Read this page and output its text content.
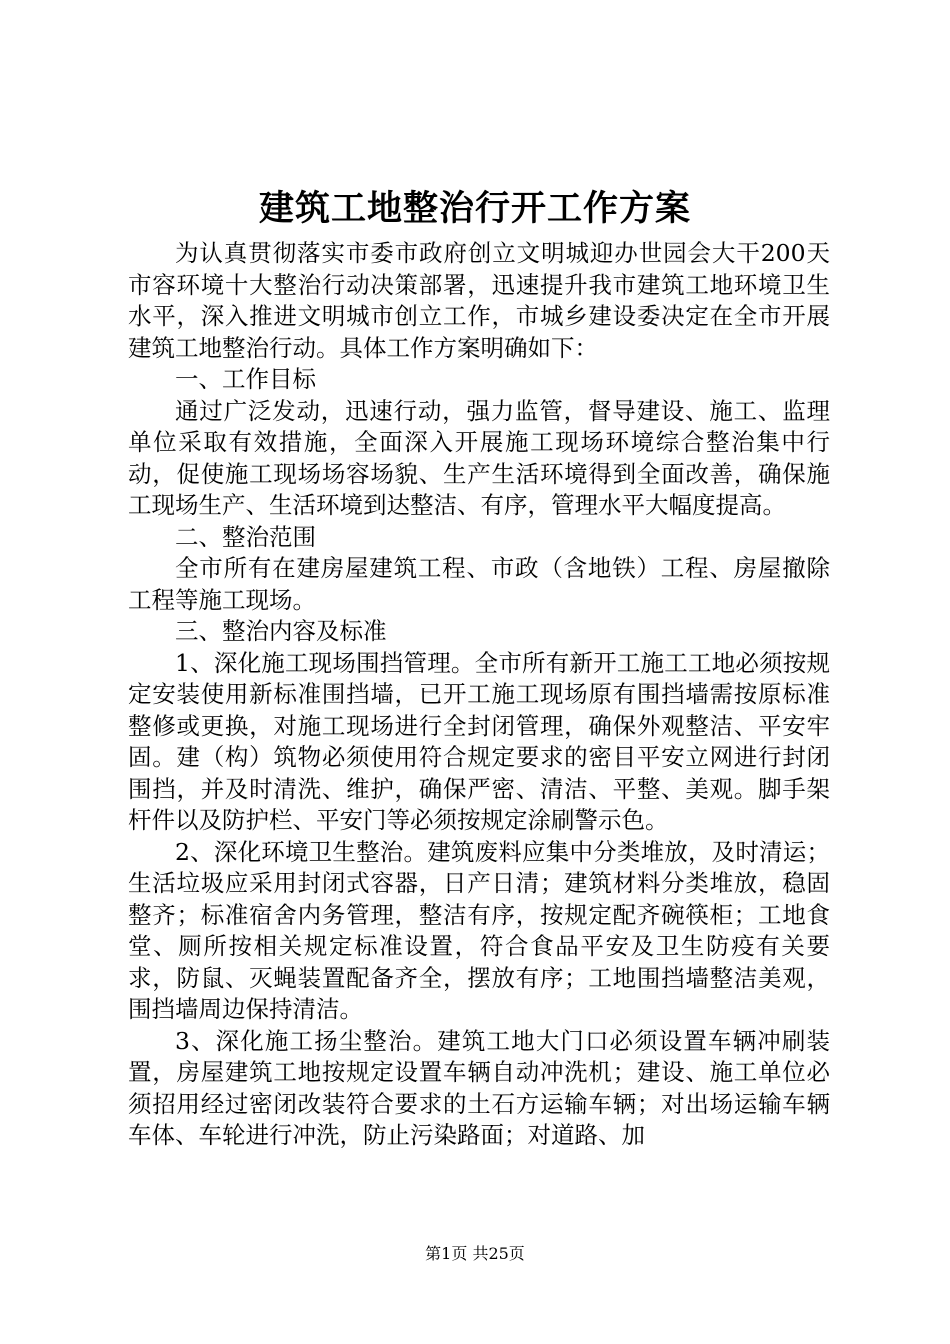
建筑工地整治行开工作方案

为认真贯彻落实市委市政府创立文明城迎办世园会大干200天市容环境十大整治行动决策部署，迅速提升我市建筑工地环境卫生水平，深入推进文明城市创立工作，市城乡建设委决定在全市开展建筑工地整治行动。具体工作方案明确如下：

一、工作目标

通过广泛发动，迅速行动，强力监管，督导建设、施工、监理单位采取有效措施，全面深入开展施工现场环境综合整治集中行动，促使施工现场场容场貌、生产生活环境得到全面改善，确保施工现场生产、生活环境到达整洁、有序，管理水平大幅度提高。

二、整治范围

全市所有在建房屋建筑工程、市政（含地铁）工程、房屋撤除工程等施工现场。

三、整治内容及标准

1、深化施工现场围挡管理。全市所有新开工施工工地必须按规定安装使用新标准围挡墙，已开工施工现场原有围挡墙需按原标准整修或更换，对施工现场进行全封闭管理，确保外观整洁、平安牢固。建（构）筑物必须使用符合规定要求的密目平安立网进行封闭围挡，并及时清洗、维护，确保严密、清洁、平整、美观。脚手架杆件以及防护栏、平安门等必须按规定涂刷警示色。

2、深化环境卫生整治。建筑废料应集中分类堆放，及时清运；生活垃圾应采用封闭式容器，日产日清；建筑材料分类堆放，稳固整齐；标准宿舍内务管理，整洁有序，按规定配齐碗筷柜；工地食堂、厕所按相关规定标准设置，符合食品平安及卫生防疫有关要求，防鼠、灭蝇装置配备齐全，摆放有序；工地围挡墙整洁美观，围挡墙周边保持清洁。

3、深化施工扬尘整治。建筑工地大门口必须设置车辆冲刷装置，房屋建筑工地按规定设置车辆自动冲洗机；建设、施工单位必须招用经过密闭改装符合要求的土石方运输车辆；对出场运输车辆车体、车轮进行冲洗，防止污染路面；对道路、加

第1页 共25页
